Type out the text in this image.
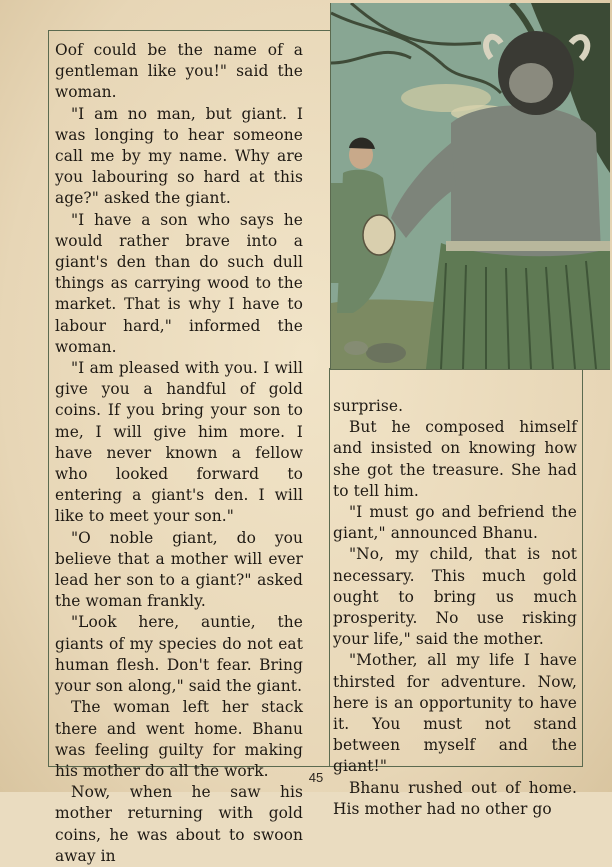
Oof could be the name of a gentleman like you!" said the woman.

"I am no man, but giant. I was longing to hear someone call me by my name. Why are you labouring so hard at this age?" asked the giant.

"I have a son who says he would rather brave into a giant's den than do such dull things as carrying wood to the market. That is why I have to labour hard," informed the woman.

"I am pleased with you. I will give you a handful of gold coins. If you bring your son to me, I will give him more. I have never known a fellow who looked forward to entering a giant's den. I will like to meet your son."

"O noble giant, do you believe that a mother will ever lead her son to a giant?" asked the woman frankly.

"Look here, auntie, the giants of my species do not eat human flesh. Don't fear. Bring your son along," said the giant.

The woman left her stack there and went home. Bhanu was feeling guilty for making his mother do all the work.

Now, when he saw his mother returning with gold coins, he was about to swoon away in

surprise.

But he composed himself and insisted on knowing how she got the treasure. She had to tell him.

"I must go and befriend the giant," announced Bhanu.

"No, my child, that is not necessary. This much gold ought to bring us much prosperity. No use risking your life," said the mother.

"Mother, all my life I have thirsted for adventure. Now, here is an opportunity to have it. You must not stand between myself and the giant!"

Bhanu rushed out of home. His mother had no other go

45
